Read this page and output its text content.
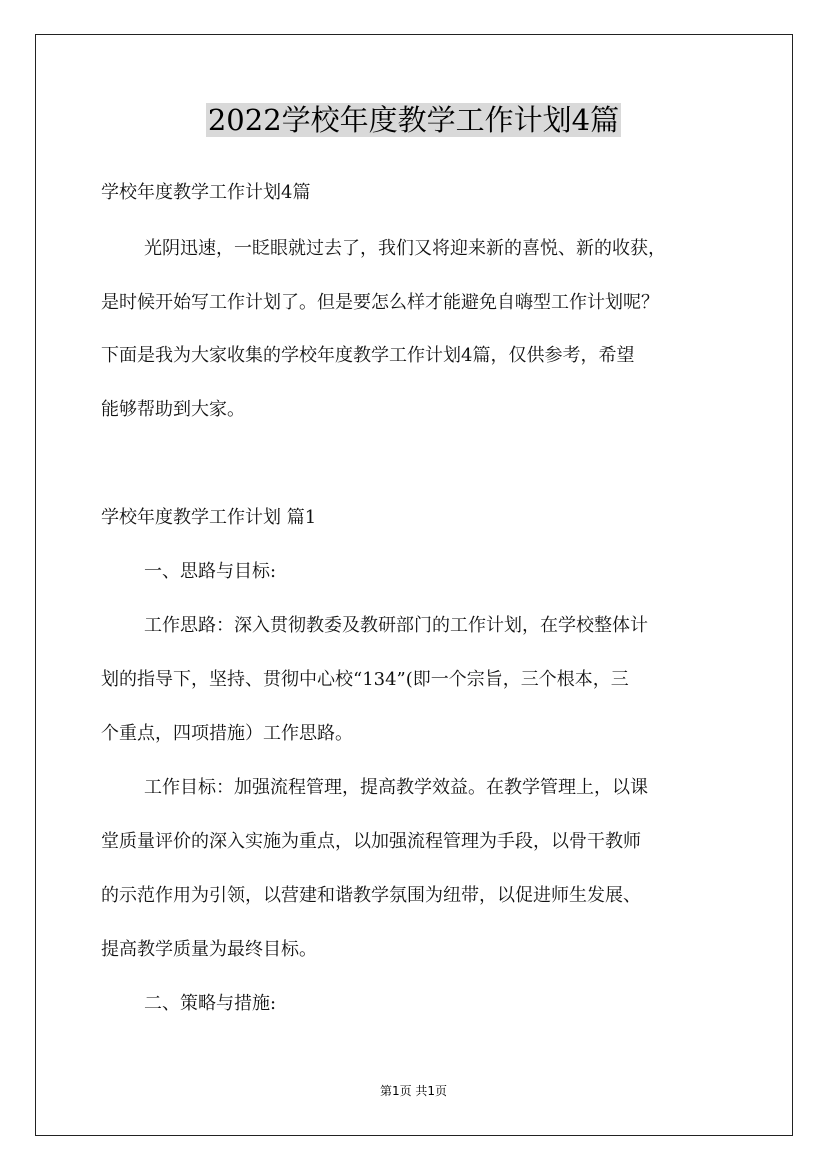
2022学校年度教学工作计划4篇

学校年度教学工作计划4篇

光阴迅速，一眨眼就过去了，我们又将迎来新的喜悦、新的收获，

是时候开始写工作计划了。但是要怎么样才能避免自嗨型工作计划呢？

下面是我为大家收集的学校年度教学工作计划4篇，仅供参考，希望

能够帮助到大家。

学校年度教学工作计划 篇1

一、思路与目标:

工作思路：深入贯彻教委及教研部门的工作计划，在学校整体计

划的指导下，坚持、贯彻中心校“134”(即一个宗旨，三个根本，三

个重点，四项措施）工作思路。

工作目标：加强流程管理，提高教学效益。在教学管理上，以课

堂质量评价的深入实施为重点，以加强流程管理为手段，以骨干教师

的示范作用为引领，以营建和谐教学氛围为纽带，以促进师生发展、

提高教学质量为最终目标。

二、策略与措施:

第1页 共1页
